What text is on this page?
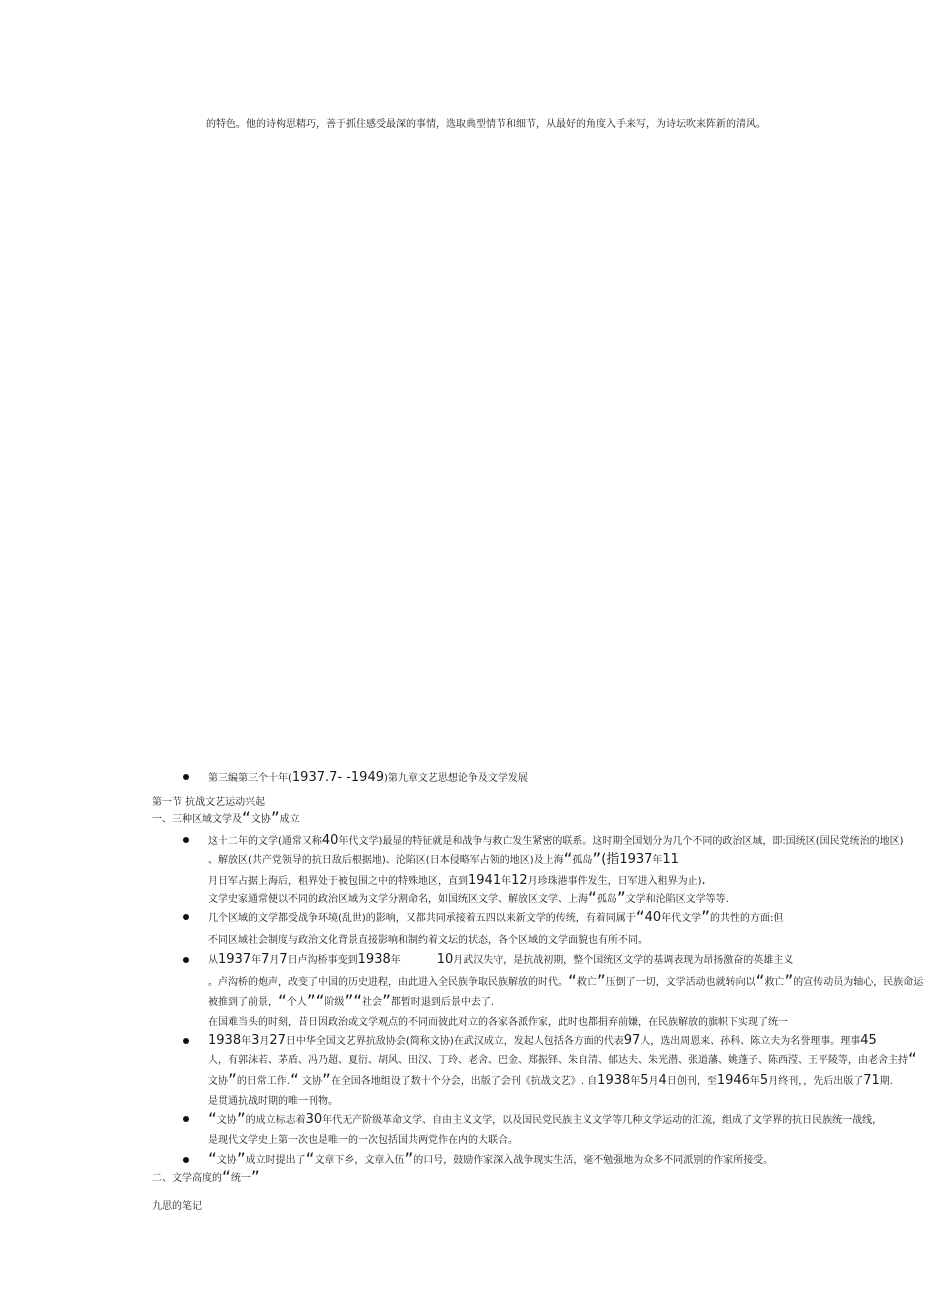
的特色。他的诗构思精巧，善于抓住感受最深的事情，选取典型情节和细节，从最好的角度入手来写，为诗坛吹来阵新的清风。
第三编第三个十年(1937.7- -1949)第九章文艺思想论争及文学发展
第一节 抗战文艺运动兴起
一、三种区域文学及“文协”成立
这十二年的文学(通常又称40年代文学)最显的特征就是和战争与救亡发生紧密的联系。这时期全国划分为几个不同的政治区域，即:国统区(国民党统治的地区)
、解放区(共产党领导的抗日敌后根据地)、沦陷区(日本侵略军占领的地区)及上海“孤岛”(指1937年11
月日军占据上海后，租界处于被包围之中的特殊地区，直到1941年12月珍珠港事件发生，日军进入租界为止).
文学史家通常便以不同的政治区域为文学分割命名，如国统区文学、解放区文学、上海“孤岛”文学和沦陷区文学等等.
几个区域的文学都受战争环境(乱世)的影响，又都共同承接着五四以来新文学的传统，有着同属于“40年代文学”的共性的方面:但
不同区域社会制度与政治文化背景直接影响和制约着文坛的状态，各个区域的文学面貌也有所不同。
从1937年7月7日卢沟桥事变到1938年	10月武汉失守，是抗战初期，整个国统区文学的基调表现为昂扬激奋的英雄主义
。卢沟桥的炮声，改变了中国的历史进程，由此进入全民族争取民族解放的时代。“救亡”压倒了一切，文学活动也就转向以“救亡”的宣传动员为轴心，民族命运
被推到了前景，“个人”“阶级”“社会”都暂时退到后景中去了.
在国难当头的时刻，昔日因政治或文学观点的不同而彼此对立的各家各派作家，此时也都捐弃前嫌，在民族解放的旗帜下实现了统一
1938年3月27日中华全国文艺界抗敌协会(简称文协)在武汉成立，发起人包括各方面的代表97人，选出周恩来、孙科、陈立夫为名誉理事。理事45
人，有郭沫若、茅盾、冯乃超、夏衍、胡风、田汉、丁玲、老舍、巴金、郑振铎、朱自清、郁达夫、朱光潜、张道藩、姚蓬子、陈西滢、王平陵等，由老舍主持“
文协”的日常工作.“ 文协”在全国各地组设了数十个分会，出版了会刊《抗战文艺》. 自1938年5月4日创刊，至1946年5月终刊，，先后出版了71期.
是贯通抗战时期的唯一刊物。
“文协”的成立标志着30年代无产阶级革命文学、自由主义文学，以及国民党民族主义文学等几种文学运动的汇流，组成了文学界的抗日民族统一战线，
是现代文学史上第一次也是唯一的一次包括国共两党作在内的大联合。
“文协”成立时提出了“文章下乡，文章入伍”的口号，鼓励作家深入战争现实生活，毫不勉强地为众多不同派别的作家所接受。
二、文学高度的“统一”
九思的笔记
